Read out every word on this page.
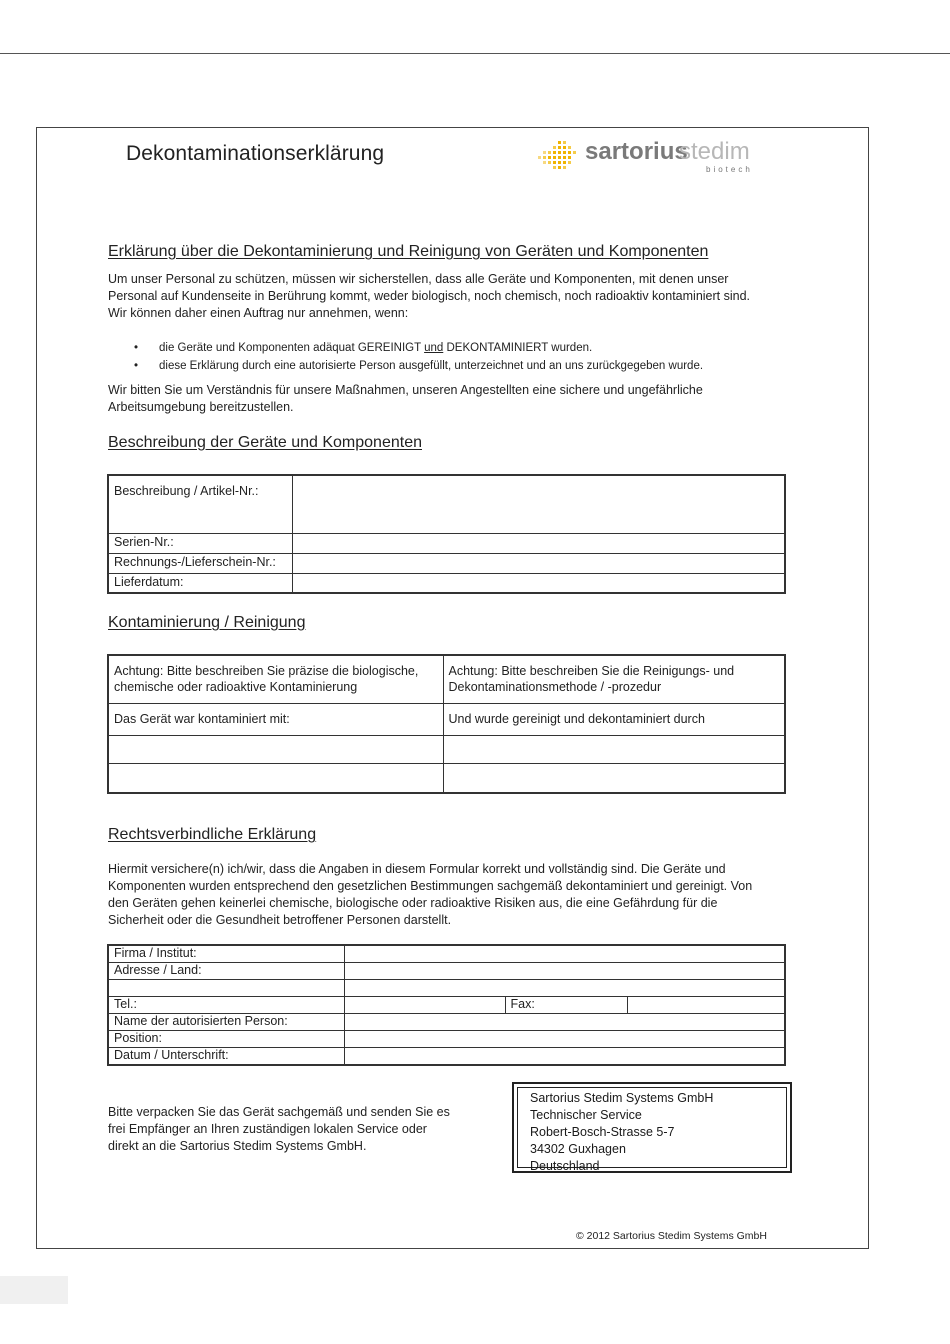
Dekontaminationserklärung	sartorius
stedim
biotech
Erklärung über die Dekontaminierung und Reinigung von Geräten und Komponenten
Um unser Personal zu schützen, müssen wir sicherstellen, dass alle Geräte und Komponenten, mit denen unser
Personal auf Kundenseite in Berührung kommt, weder biologisch, noch chemisch, noch radioaktiv kontaminiert sind.
Wir können daher einen Auftrag nur annehmen, wenn:
•	die Geräte und Komponenten adäquat GEREINIGT und DEKONTAMINIERT wurden.
•	diese Erklärung durch eine autorisierte Person ausgefüllt, unterzeichnet und an uns zurückgegeben wurde.
Wir bitten Sie um Verständnis für unsere Maßnahmen, unseren Angestellten eine sichere und ungefährliche
Arbeitsumgebung bereitzustellen.
Beschreibung der Geräte und Komponenten
Beschreibung / Artikel-Nr.:	
Serien-Nr.:	
Rechnungs-/Lieferschein-Nr.:	
Lieferdatum:	
Kontaminierung / Reinigung
Achtung: Bitte beschreiben Sie präzise die biologische, chemische oder radioaktive Kontaminierung	Achtung: Bitte beschreiben Sie die Reinigungs- und Dekontaminationsmethode / -prozedur
Das Gerät war kontaminiert mit:	Und wurde gereinigt und dekontaminiert durch

Rechtsverbindliche Erklärung
Hiermit versichere(n) ich/wir, dass die Angaben in diesem Formular korrekt und vollständig sind. Die Geräte und
Komponenten wurden entsprechend den gesetzlichen Bestimmungen sachgemäß dekontaminiert und gereinigt. Von
den Geräten gehen keinerlei chemische, biologische oder radioaktive Risiken aus, die eine Gefährdung für die
Sicherheit oder die Gesundheit betroffener Personen darstellt.
Firma / Institut:			
Adresse / Land:			

Tel.:		Fax:	
Name der autorisierten Person:			
Position:			
Datum / Unterschrift:			
Bitte verpacken Sie das Gerät sachgemäß und senden Sie es
frei Empfänger an Ihren zuständigen lokalen Service oder
direkt an die Sartorius Stedim Systems GmbH.
Sartorius Stedim Systems GmbH
Technischer Service
Robert-Bosch-Strasse 5-7
34302 Guxhagen
Deutschland
© 2012 Sartorius Stedim Systems GmbH
